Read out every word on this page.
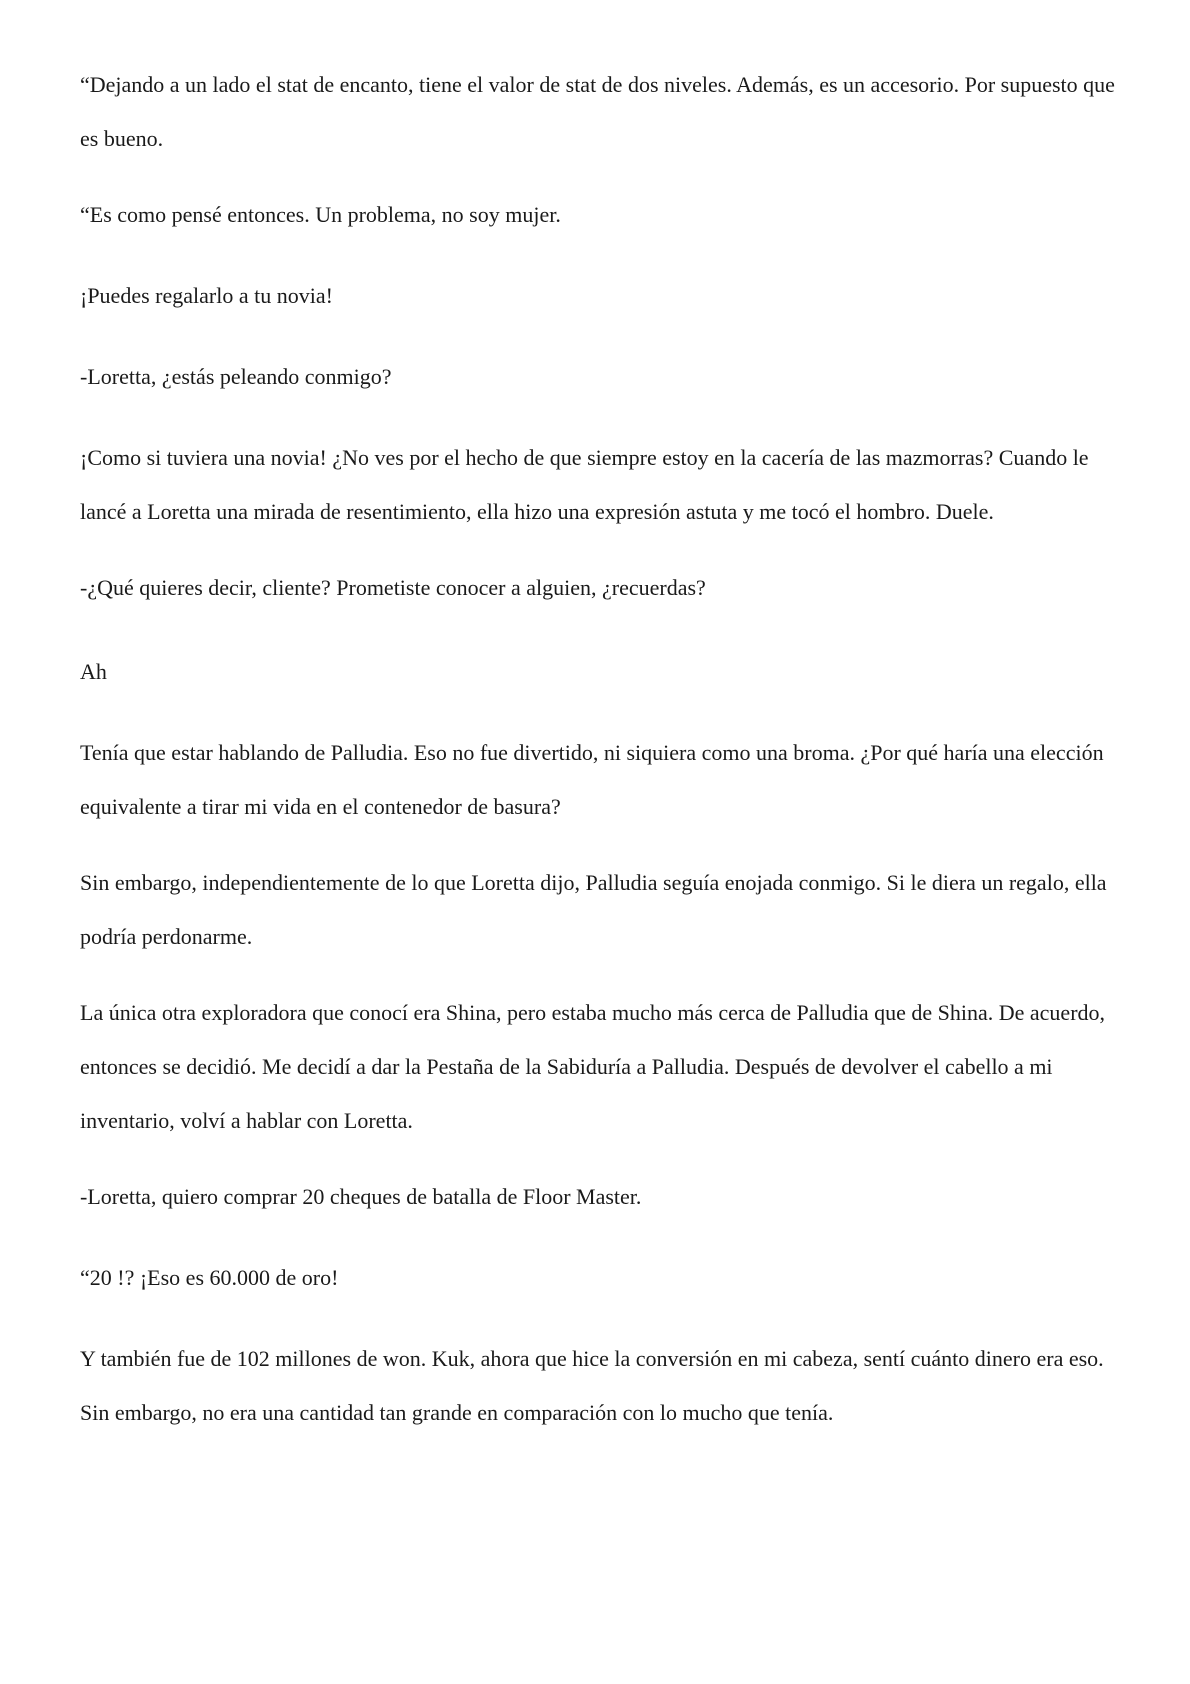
“Dejando a un lado el stat de encanto, tiene el valor de stat de dos niveles. Además, es un accesorio. Por supuesto que es bueno.

“Es como pensé entonces. Un problema, no soy mujer.

¡Puedes regalarlo a tu novia!

-Loretta, ¿estás peleando conmigo?

¡Como si tuviera una novia! ¿No ves por el hecho de que siempre estoy en la cacería de las mazmorras? Cuando le lancé a Loretta una mirada de resentimiento, ella hizo una expresión astuta y me tocó el hombro. Duele.

-¿Qué quieres decir, cliente? Prometiste conocer a alguien, ¿recuerdas?

Ah

Tenía que estar hablando de Palludia. Eso no fue divertido, ni siquiera como una broma. ¿Por qué haría una elección equivalente a tirar mi vida en el contenedor de basura?

Sin embargo, independientemente de lo que Loretta dijo, Palludia seguía enojada conmigo. Si le diera un regalo, ella podría perdonarme.

La única otra exploradora que conocí era Shina, pero estaba mucho más cerca de Palludia que de Shina. De acuerdo, entonces se decidió. Me decidí a dar la Pestaña de la Sabiduría a Palludia. Después de devolver el cabello a mi inventario, volví a hablar con Loretta.

-Loretta, quiero comprar 20 cheques de batalla de Floor Master.

“20 !? ¡Eso es 60.000 de oro!

Y también fue de 102 millones de won. Kuk, ahora que hice la conversión en mi cabeza, sentí cuánto dinero era eso. Sin embargo, no era una cantidad tan grande en comparación con lo mucho que tenía.
